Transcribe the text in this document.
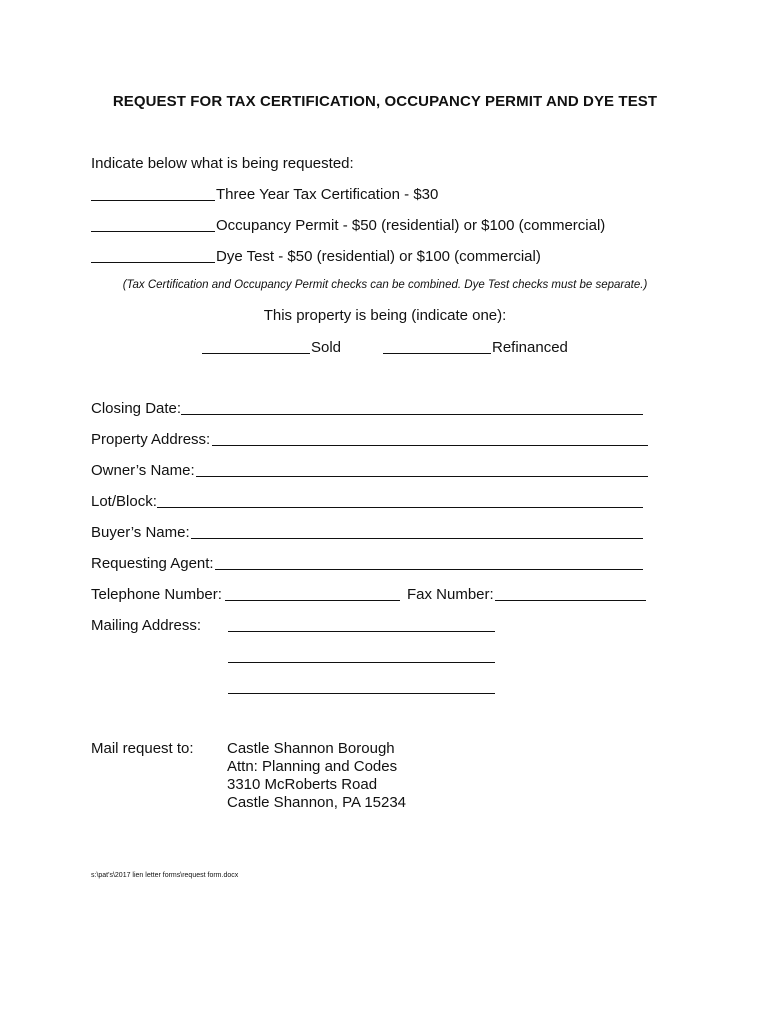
REQUEST FOR TAX CERTIFICATION, OCCUPANCY PERMIT AND DYE TEST
Indicate below what is being requested:
Three Year Tax Certification - $30
Occupancy Permit - $50 (residential) or $100 (commercial)
Dye Test - $50 (residential) or $100 (commercial)
(Tax Certification and Occupancy Permit checks can be combined. Dye Test checks must be separate.)
This property is being (indicate one):
Sold	Refinanced
Closing Date:
Property Address:
Owner’s Name:
Lot/Block:
Buyer’s Name:
Requesting Agent:
Telephone Number:	Fax Number:
Mailing Address:
Mail request to: Castle Shannon Borough
Attn: Planning and Codes
3310 McRoberts Road
Castle Shannon, PA 15234
s:\pat's\2017 lien letter forms\request form.docx
